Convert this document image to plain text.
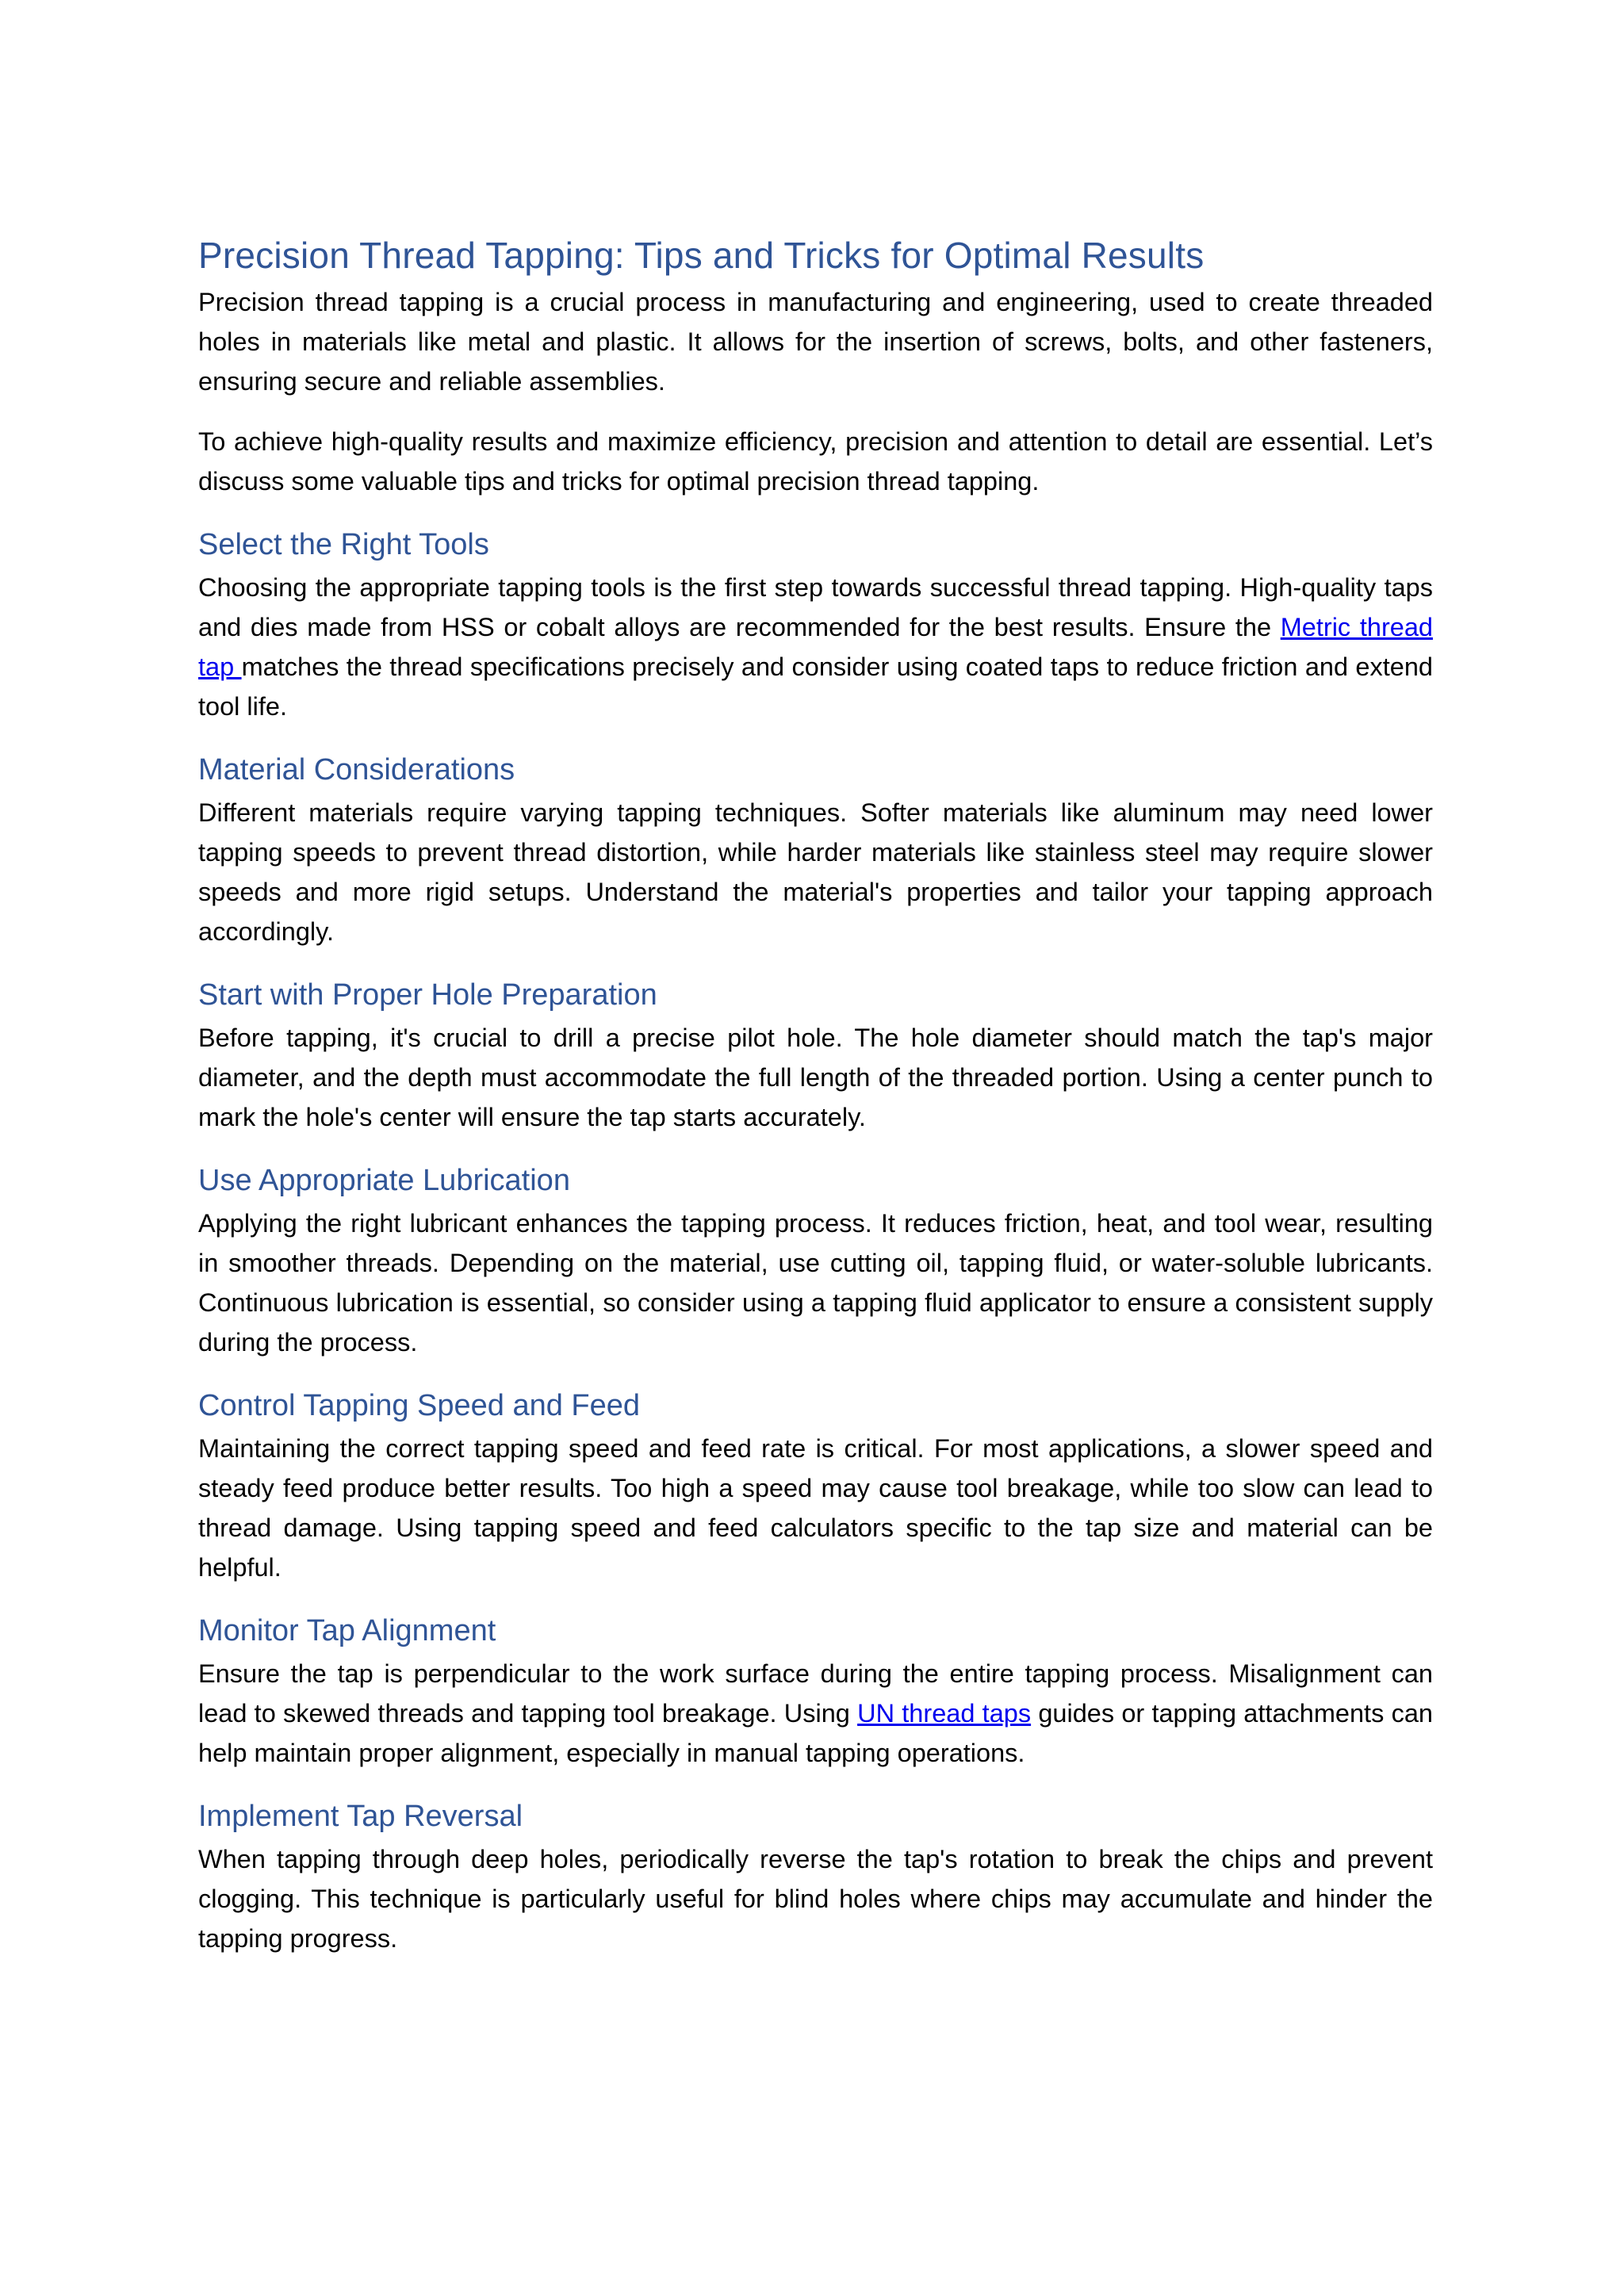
Precision Thread Tapping: Tips and Tricks for Optimal Results

Precision thread tapping is a crucial process in manufacturing and engineering, used to create threaded holes in materials like metal and plastic. It allows for the insertion of screws, bolts, and other fasteners, ensuring secure and reliable assemblies.

To achieve high-quality results and maximize efficiency, precision and attention to detail are essential. Let’s discuss some valuable tips and tricks for optimal precision thread tapping.

Select the Right Tools

Choosing the appropriate tapping tools is the first step towards successful thread tapping. High-quality taps and dies made from HSS or cobalt alloys are recommended for the best results. Ensure the Metric thread tap matches the thread specifications precisely and consider using coated taps to reduce friction and extend tool life.

Material Considerations

Different materials require varying tapping techniques. Softer materials like aluminum may need lower tapping speeds to prevent thread distortion, while harder materials like stainless steel may require slower speeds and more rigid setups. Understand the material's properties and tailor your tapping approach accordingly.

Start with Proper Hole Preparation

Before tapping, it's crucial to drill a precise pilot hole. The hole diameter should match the tap's major diameter, and the depth must accommodate the full length of the threaded portion. Using a center punch to mark the hole's center will ensure the tap starts accurately.

Use Appropriate Lubrication

Applying the right lubricant enhances the tapping process. It reduces friction, heat, and tool wear, resulting in smoother threads. Depending on the material, use cutting oil, tapping fluid, or water-soluble lubricants. Continuous lubrication is essential, so consider using a tapping fluid applicator to ensure a consistent supply during the process.

Control Tapping Speed and Feed

Maintaining the correct tapping speed and feed rate is critical. For most applications, a slower speed and steady feed produce better results. Too high a speed may cause tool breakage, while too slow can lead to thread damage. Using tapping speed and feed calculators specific to the tap size and material can be helpful.

Monitor Tap Alignment

Ensure the tap is perpendicular to the work surface during the entire tapping process. Misalignment can lead to skewed threads and tapping tool breakage. Using UN thread taps guides or tapping attachments can help maintain proper alignment, especially in manual tapping operations.

Implement Tap Reversal

When tapping through deep holes, periodically reverse the tap's rotation to break the chips and prevent clogging. This technique is particularly useful for blind holes where chips may accumulate and hinder the tapping progress.
